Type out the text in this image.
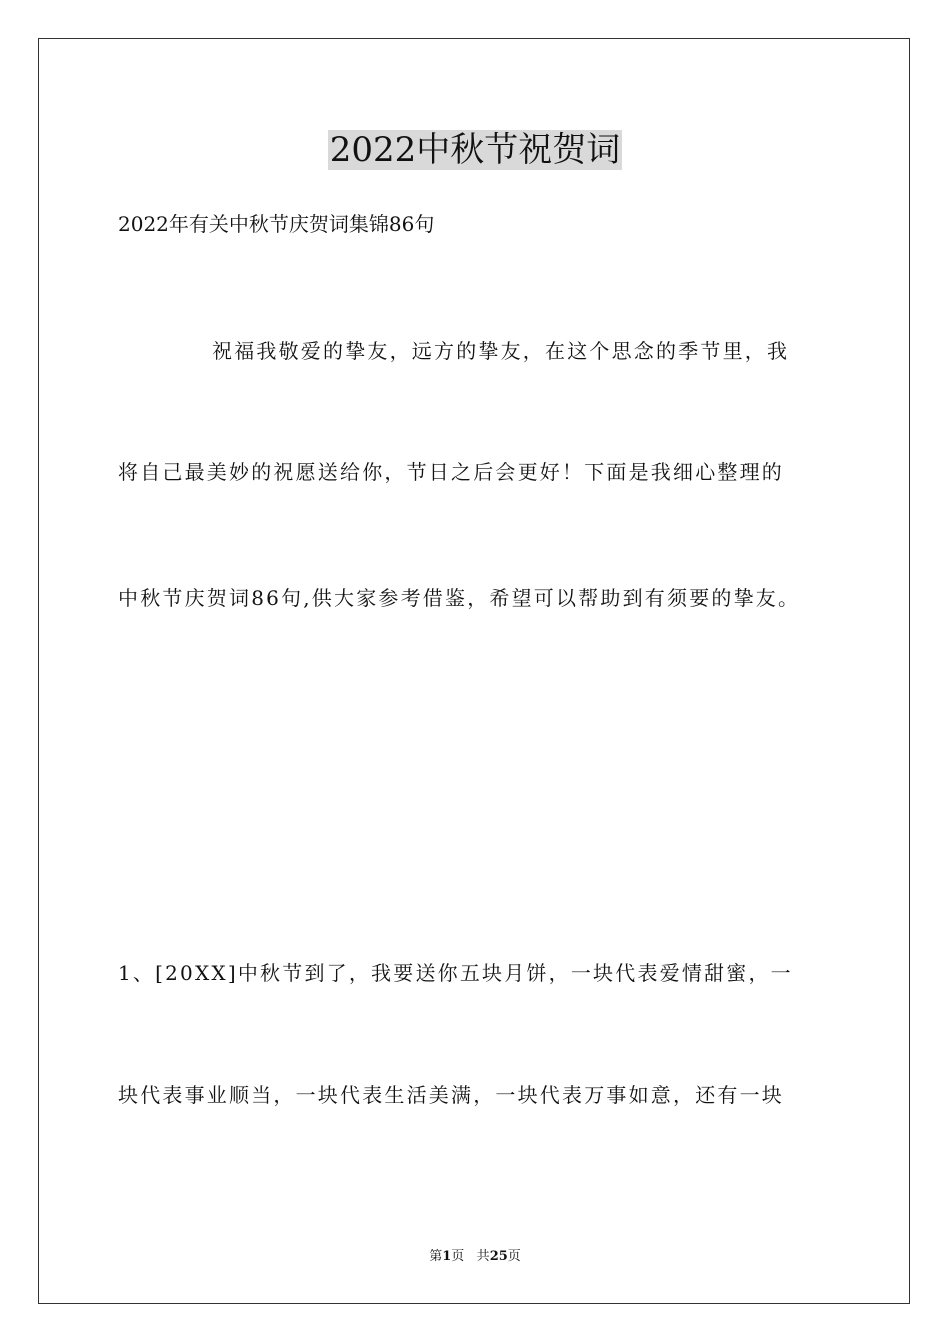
2022中秋节祝贺词
2022年有关中秋节庆贺词集锦86句
祝福我敬爱的挚友，远方的挚友，在这个思念的季节里，我
将自己最美妙的祝愿送给你，节日之后会更好！下面是我细心整理的
中秋节庆贺词86句,供大家参考借鉴，希望可以帮助到有须要的挚友。
1、[20XX]中秋节到了，我要送你五块月饼，一块代表爱情甜蜜，一
块代表事业顺当，一块代表生活美满，一块代表万事如意，还有一块
第1页 共25页
